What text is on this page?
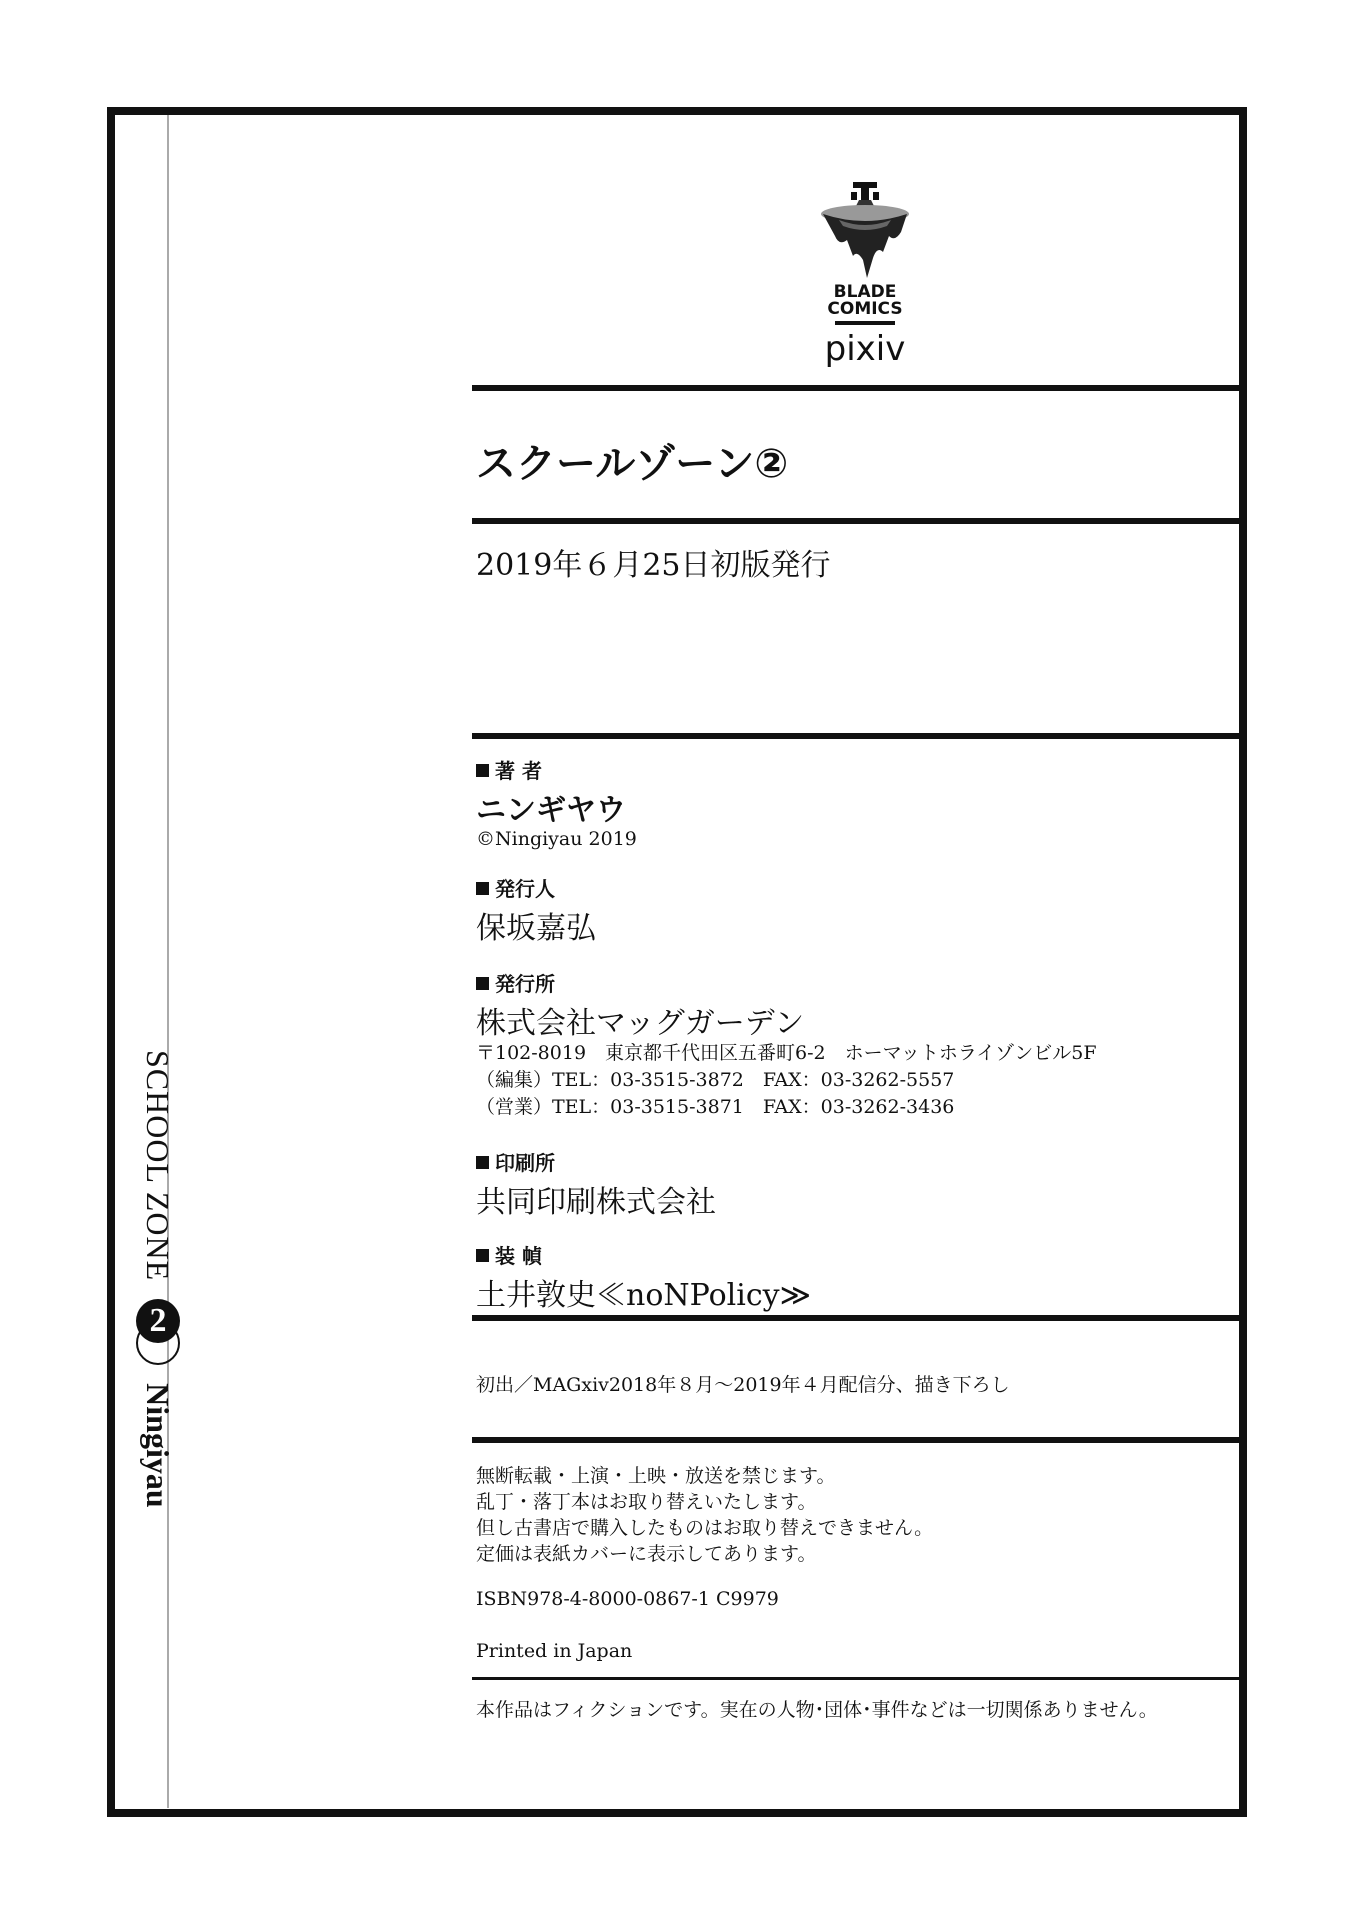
SCHOOL ZONE
2
Ningiyau
BLADE
COMICS
pixiv
スクールゾーン②
2019年６月25日初版発行
著 者
ニンギヤウ
©Ningiyau 2019
発行人
保坂嘉弘
発行所
株式会社マッグガーデン
〒102-8019　東京都千代田区五番町6-2　ホーマットホライゾンビル5F
（編集）TEL：03-3515-3872　FAX：03-3262-5557
（営業）TEL：03-3515-3871　FAX：03-3262-3436
印刷所
共同印刷株式会社
装 幀
土井敦史≪noNPolicy≫
初出／MAGxiv2018年８月～2019年４月配信分、描き下ろし
無断転載・上演・上映・放送を禁じます。
乱丁・落丁本はお取り替えいたします。
但し古書店で購入したものはお取り替えできません。
定価は表紙カバーに表示してあります。
ISBN978-4-8000-0867-1 C9979
Printed in Japan
本作品はフィクションです。実在の人物･団体･事件などは一切関係ありません。
